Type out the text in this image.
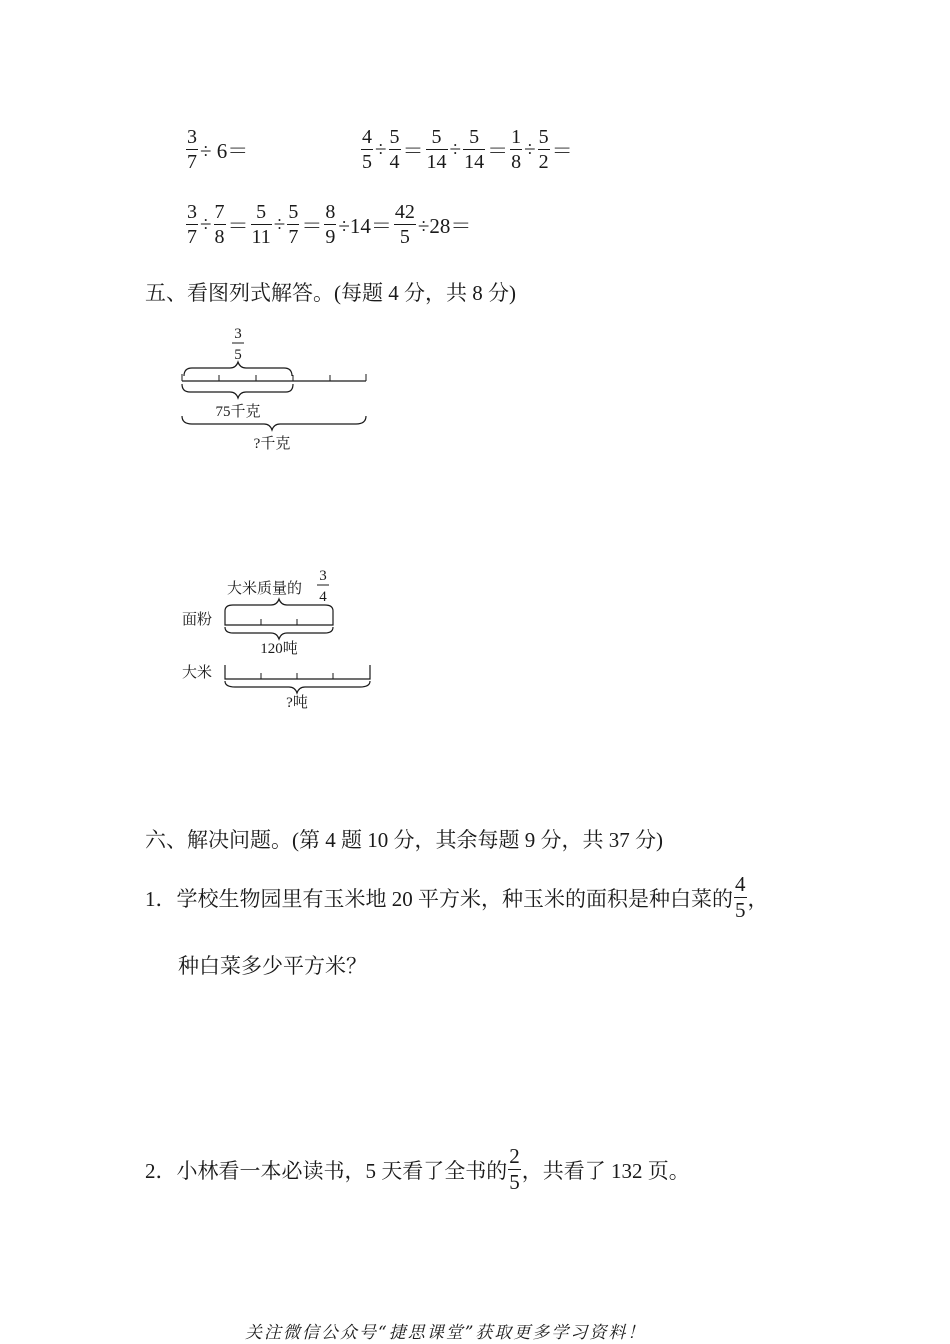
$\frac{3}{7} \div 6=$	$\frac{4}{5} \div \frac{5}{4} = \frac{5}{14} \div \frac{5}{14} = \frac{1}{8} \div \frac{5}{2}$ ＝
$\frac{3}{7} \div \frac{7}{8} = \frac{5}{11} \div \frac{5}{7} = \frac{8}{9} \div 14= \frac{42}{5} \div 28=$
五、看图列式解答。(每题 4 分，共 8 分)
3
5
75千克
?千克
大米质量的
3
4
面粉
120吨
大米
?吨
六、解决问题。(第 4 题 10 分，其余每题 9 分，共 37 分)
1．学校生物园里有玉米地 20 平方米，种玉米的面积是种白菜的 $\frac{4}{5}$ ，
种白菜多少平方米？
2．小林看一本必读书，5 天看了全书的 $\frac{2}{5}$ ，共看了 132 页。
关注微信公众号“捷思课堂”获取更多学习资料！
